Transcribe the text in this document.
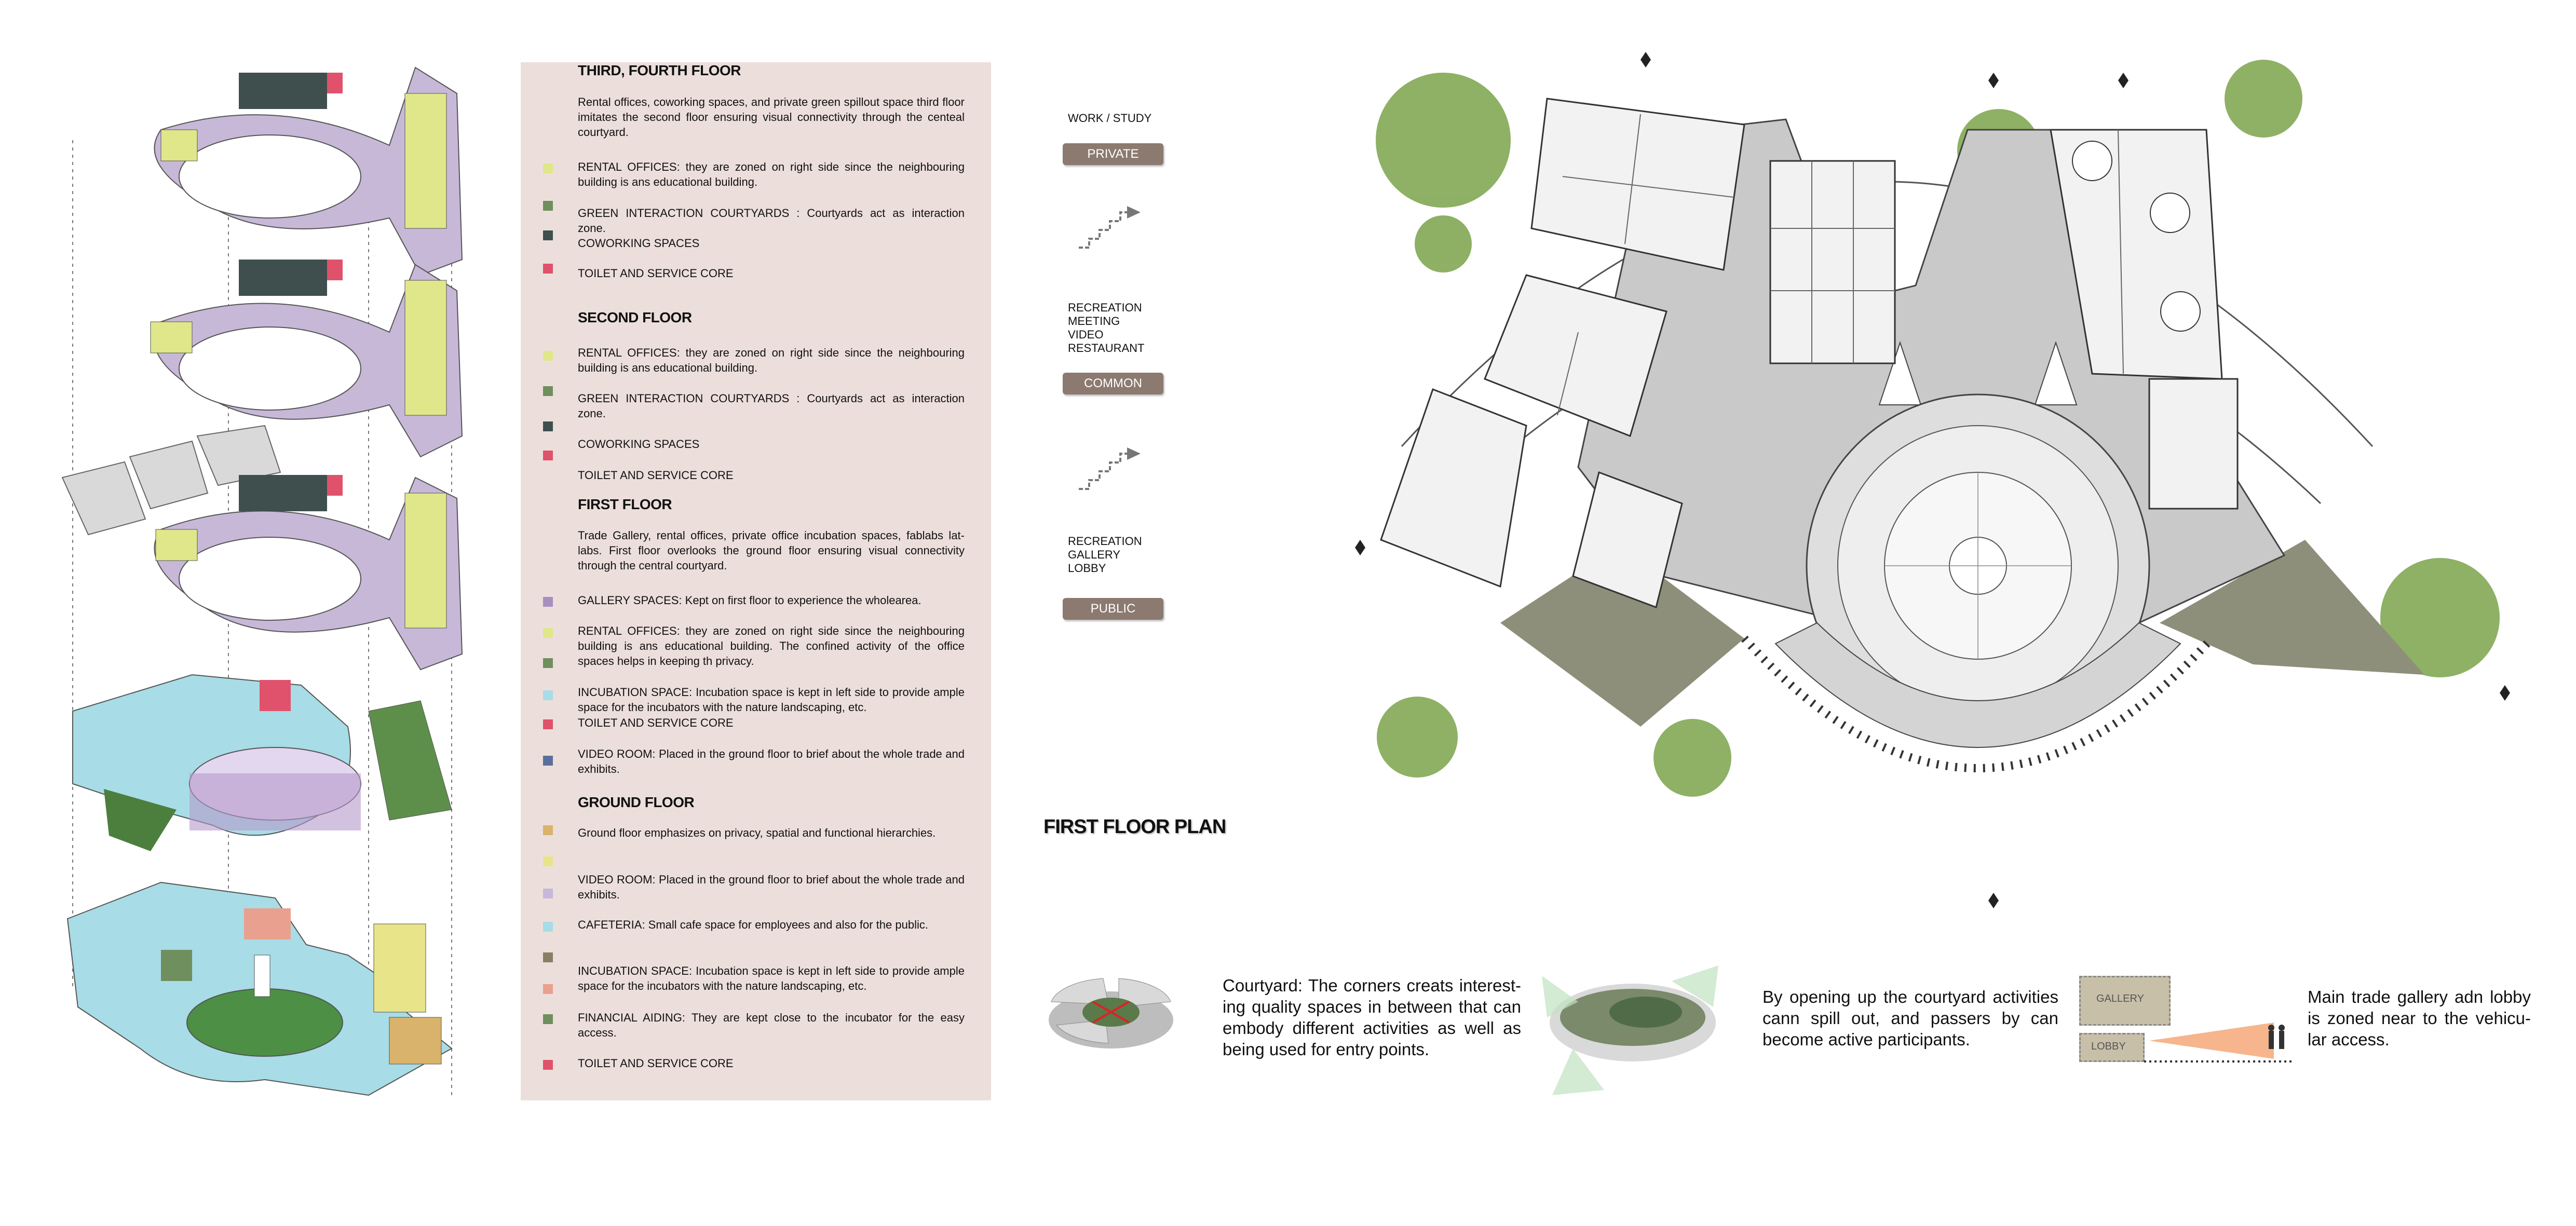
THIRD, FOURTH FLOOR
Rental offices, coworking spaces, and private green spillout space third floor imitates the second floor ensuring visual connectivity through the centeal courtyard.
RENTAL OFFICES: they are zoned on right side since the neighbouring building is ans educational building.
GREEN INTERACTION COURTYARDS : Courtyards act as interaction zone.
COWORKING SPACES
TOILET AND SERVICE CORE
SECOND FLOOR
RENTAL OFFICES: they are zoned on right side since the neighbouring building is ans educational building.
GREEN INTERACTION COURTYARDS : Courtyards act as interaction zone.
COWORKING SPACES
TOILET AND SERVICE CORE
FIRST FLOOR
Trade Gallery, rental offices, private office incubation spaces, fablabs lat-labs. First floor overlooks the ground floor ensuring visual connectivity through the central courtyard.
GALLERY SPACES: Kept on first floor to experience the wholearea.
RENTAL OFFICES: they are zoned on right side since the neighbouring building is ans educational building. The confined activity of the office spaces helps in keeping th privacy.
INCUBATION SPACE: Incubation space is kept in left side to provide ample space for the incubators with the nature landscaping, etc.
TOILET AND SERVICE CORE
VIDEO ROOM: Placed in the ground floor to brief about the whole trade and exhibits.
GROUND FLOOR
Ground floor emphasizes on privacy, spatial and functional hierarchies.
VIDEO ROOM: Placed in the ground floor to brief about the whole trade and exhibits.
CAFETERIA: Small cafe space for employees and also for the public.
INCUBATION SPACE: Incubation space is kept in left side to provide ample space for the incubators with the nature landscaping, etc.
FINANCIAL AIDING: They are kept close to the incubator for the easy access.
TOILET AND SERVICE CORE
WORK / STUDY
PRIVATE
RECREATION
MEETING
VIDEO
RESTAURANT
COMMON
RECREATION
GALLERY
LOBBY
PUBLIC
FIRST FLOOR PLAN
Courtyard: The corners creats interest-ing quality spaces in between that can embody different activities as well as being used for entry points.
By opening up the courtyard activities cann spill out, and passers by can become active participants.
GALLERY
LOBBY
Main trade gallery adn lobby is zoned near to the vehicu-lar access.
